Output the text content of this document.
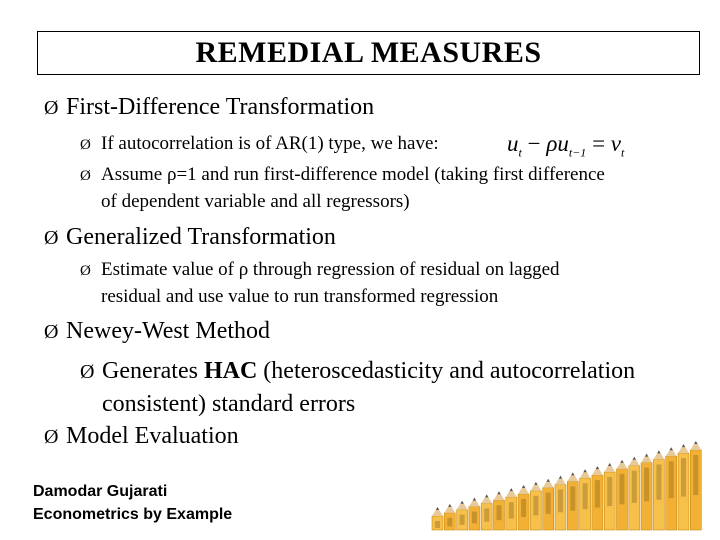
REMEDIAL MEASURES
Ø First-Difference Transformation
Ø If autocorrelation is of AR(1) type, we have:	$u_t - \rho u_{t-1} = v_t$
Ø Assume ρ=1 and run first-difference model (taking first difference
of dependent variable and all regressors)
Ø Generalized Transformation
Ø Estimate value of ρ through regression of residual on lagged
residual and use value to run transformed regression
Ø Newey-West Method
Ø Generates HAC (heteroscedasticity and autocorrelation
consistent) standard errors
Ø Model Evaluation
Damodar Gujarati
Econometrics by Example
